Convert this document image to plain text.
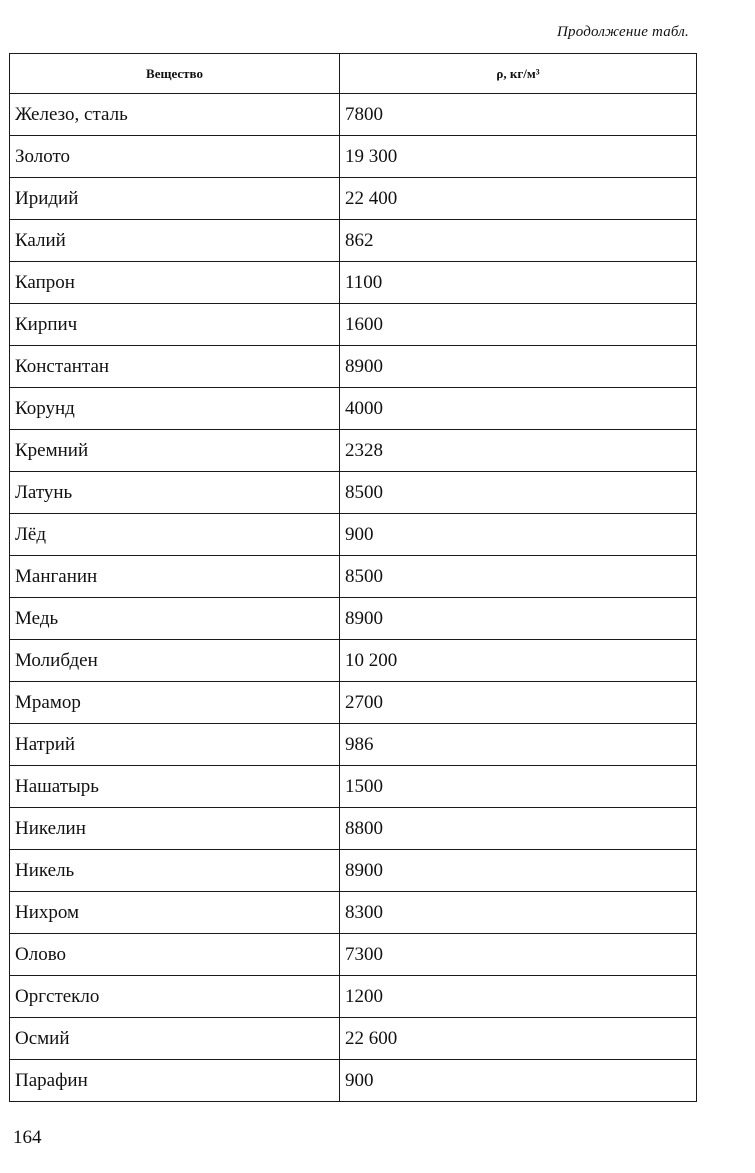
Продолжение табл.
Вещество	ρ, кг/м³
Железо, сталь	7800
Золото	19 300
Иридий	22 400
Калий	862
Капрон	1100
Кирпич	1600
Константан	8900
Корунд	4000
Кремний	2328
Латунь	8500
Лёд	900
Манганин	8500
Медь	8900
Молибден	10 200
Мрамор	2700
Натрий	986
Нашатырь	1500
Никелин	8800
Никель	8900
Нихром	8300
Олово	7300
Оргстекло	1200
Осмий	22 600
Парафин	900
164
